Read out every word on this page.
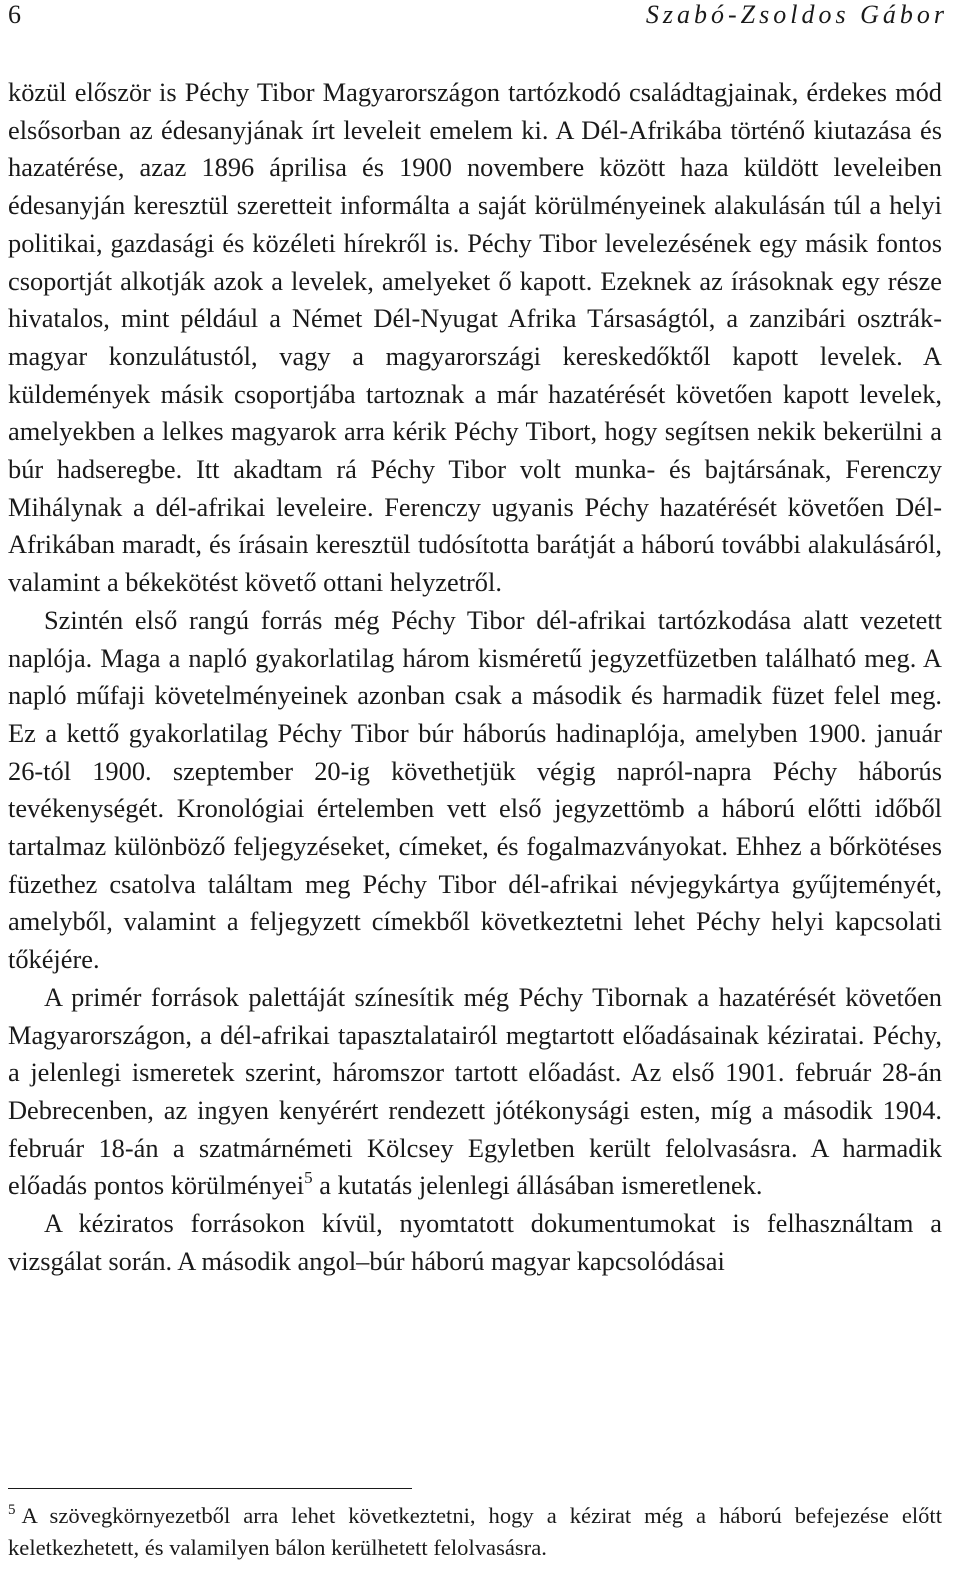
6	Szabó-Zsoldos Gábor

közül először is Péchy Tibor Magyarországon tartózkodó családtagjainak, érdekes mód elsősorban az édesanyjának írt leveleit emelem ki. A Dél-Afrikába történő kiutazása és hazatérése, azaz 1896 áprilisa és 1900 novembere között haza küldött leveleiben édesanyján keresztül szeretteit informálta a saját körülményeinek alakulásán túl a helyi politikai, gazdasági és közéleti hírekről is. Péchy Tibor levelezésének egy másik fontos csoportját alkotják azok a levelek, amelyeket ő kapott. Ezeknek az írásoknak egy része hivatalos, mint például a Német Dél-Nyugat Afrika Társaságtól, a zanzibári osztrák-magyar konzulátustól, vagy a magyarországi kereskedőktől kapott levelek. A küldemények másik csoportjába tartoznak a már hazatérését követően kapott levelek, amelyekben a lelkes magyarok arra kérik Péchy Tibort, hogy segítsen nekik bekerülni a búr hadseregbe. Itt akadtam rá Péchy Tibor volt munka- és bajtársának, Ferenczy Mihálynak a dél-afrikai leveleire. Ferenczy ugyanis Péchy hazatérését követően Dél-Afrikában maradt, és írásain keresztül tudósította barátját a háború további alakulásáról, valamint a békekötést követő ottani helyzetről.

Szintén első rangú forrás még Péchy Tibor dél-afrikai tartózkodása alatt vezetett naplója. Maga a napló gyakorlatilag három kisméretű jegyzetfüzetben található meg. A napló műfaji követelményeinek azonban csak a második és harmadik füzet felel meg. Ez a kettő gyakorlatilag Péchy Tibor búr háborús hadinaplója, amelyben 1900. január 26-tól 1900. szeptember 20-ig követhetjük végig napról-napra Péchy háborús tevékenységét. Kronológiai értelemben vett első jegyzettömb a háború előtti időből tartalmaz különböző feljegyzéseket, címeket, és fogalmazványokat. Ehhez a bőrkötéses füzethez csatolva találtam meg Péchy Tibor dél-afrikai névjegykártya gyűjteményét, amelyből, valamint a feljegyzett címekből következtetni lehet Péchy helyi kapcsolati tőkéjére.

A primér források palettáját színesítik még Péchy Tibornak a hazatérését követően Magyarországon, a dél-afrikai tapasztalatairól megtartott előadásainak kéziratai. Péchy, a jelenlegi ismeretek szerint, háromszor tartott előadást. Az első 1901. február 28-án Debrecenben, az ingyen kenyérért rendezett jótékonysági esten, míg a második 1904. február 18-án a szatmárnémeti Kölcsey Egyletben került felolvasásra. A harmadik előadás pontos körülményei$^5$ a kutatás jelenlegi állásában ismeretlenek.

A kéziratos forrásokon kívül, nyomtatott dokumentumokat is felhasználtam a vizsgálat során. A második angol–búr háború magyar kapcsolódásai

$^5$ A szövegkörnyezetből arra lehet következtetni, hogy a kézirat még a háború befejezése előtt keletkezhetett, és valamilyen bálon kerülhetett felolvasásra.
